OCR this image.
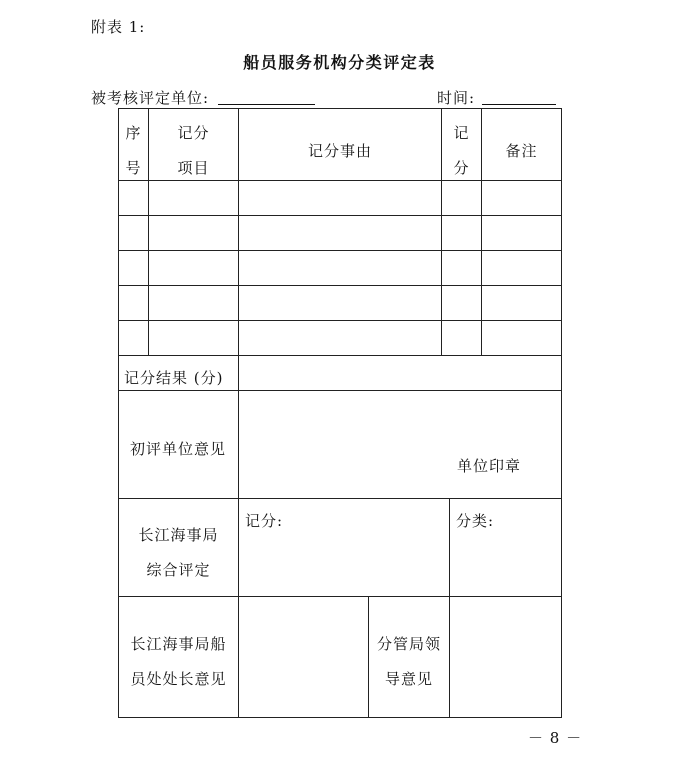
附表 1:
船员服务机构分类评定表
被考核评定单位:	时间:
序
号
记分
项目
记分事由
记
分
备注
记分结果 (分)
初评单位意见
单位印章
长江海事局
综合评定
记分:	分类:
长江海事局船
员处处长意见
分管局领
导意见
－ 8 －
